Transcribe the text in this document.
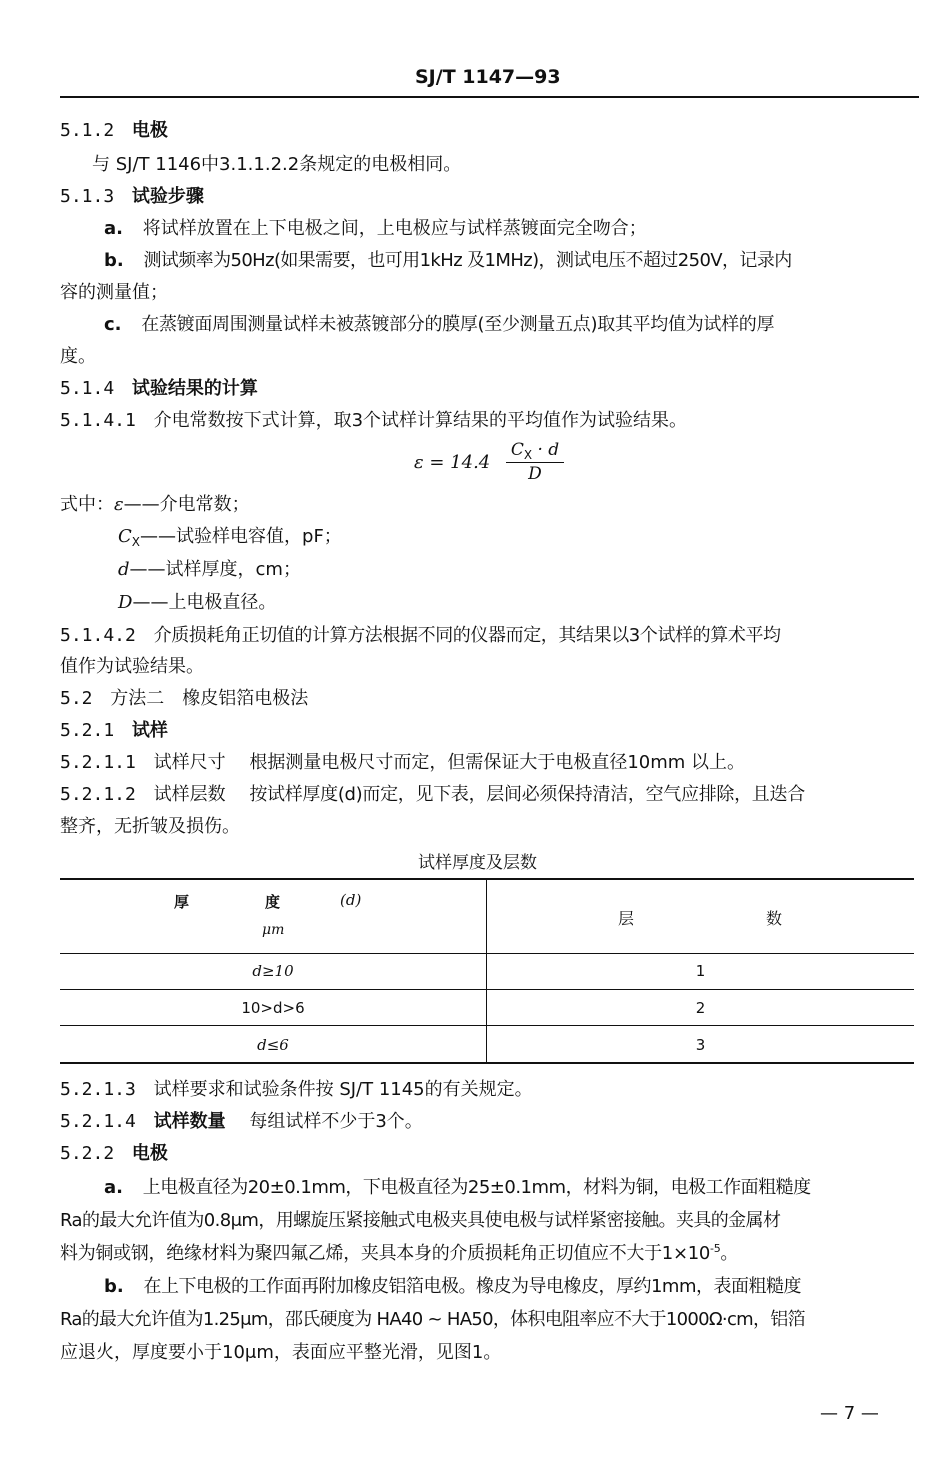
SJ/T 1147—93
5.1.2 电极
与 SJ/T 1146中3.1.1.2.2条规定的电极相同。
5.1.3 试验步骤
a. 将试样放置在上下电极之间，上电极应与试样蒸镀面完全吻合；
b. 测试频率为50Hz(如果需要，也可用1kHz 及1MHz)，测试电压不超过250V，记录内
容的测量值；
c. 在蒸镀面周围测量试样未被蒸镀部分的膜厚(至少测量五点)取其平均值为试样的厚
度。
5.1.4 试验结果的计算
5.1.4.1 介电常数按下式计算，取3个试样计算结果的平均值作为试验结果。
ε = 14.4
$C_X \cdot d$
D
式中：ε——介电常数；
$C_X——$试验样电容值，pF；
d——试样厚度，cm；
D——上电极直径。
5.1.4.2 介质损耗角正切值的计算方法根据不同的仪器而定，其结果以3个试样的算术平均
值作为试验结果。
5.2 方法二　橡皮铝箔电极法
5.2.1 试样
5.2.1.1 试样尺寸 根据测量电极尺寸而定，但需保证大于电极直径10mm 以上。
5.2.1.2 试样层数 按试样厚度(d)而定，见下表，层间必须保持清洁，空气应排除，且迭合
整齐，无折皱及损伤。
试样厚度及层数
厚	度	(d)
μm
层	数
d≥10	1
10>d>6	2
d≤6	3
5.2.1.3 试样要求和试验条件按 SJ/T 1145的有关规定。
5.2.1.4 试样数量 每组试样不少于3个。
5.2.2 电极
a. 上电极直径为20±0.1mm，下电极直径为25±0.1mm，材料为铜，电极工作面粗糙度
Ra的最大允许值为0.8μm，用螺旋压紧接触式电极夹具使电极与试样紧密接触。夹具的金属材
料为铜或钢，绝缘材料为聚四氟乙烯，夹具本身的介质损耗角正切值应不大于$1\times 10^{-5}$。
b. 在上下电极的工作面再附加橡皮铝箔电极。橡皮为导电橡皮，厚约1mm，表面粗糙度
Ra的最大允许值为1.25μm，邵氏硬度为 HA40 ~ HA50，体积电阻率应不大于1000Ω·cm，铝箔
应退火，厚度要小于10μm，表面应平整光滑，见图1。
— 7 —
